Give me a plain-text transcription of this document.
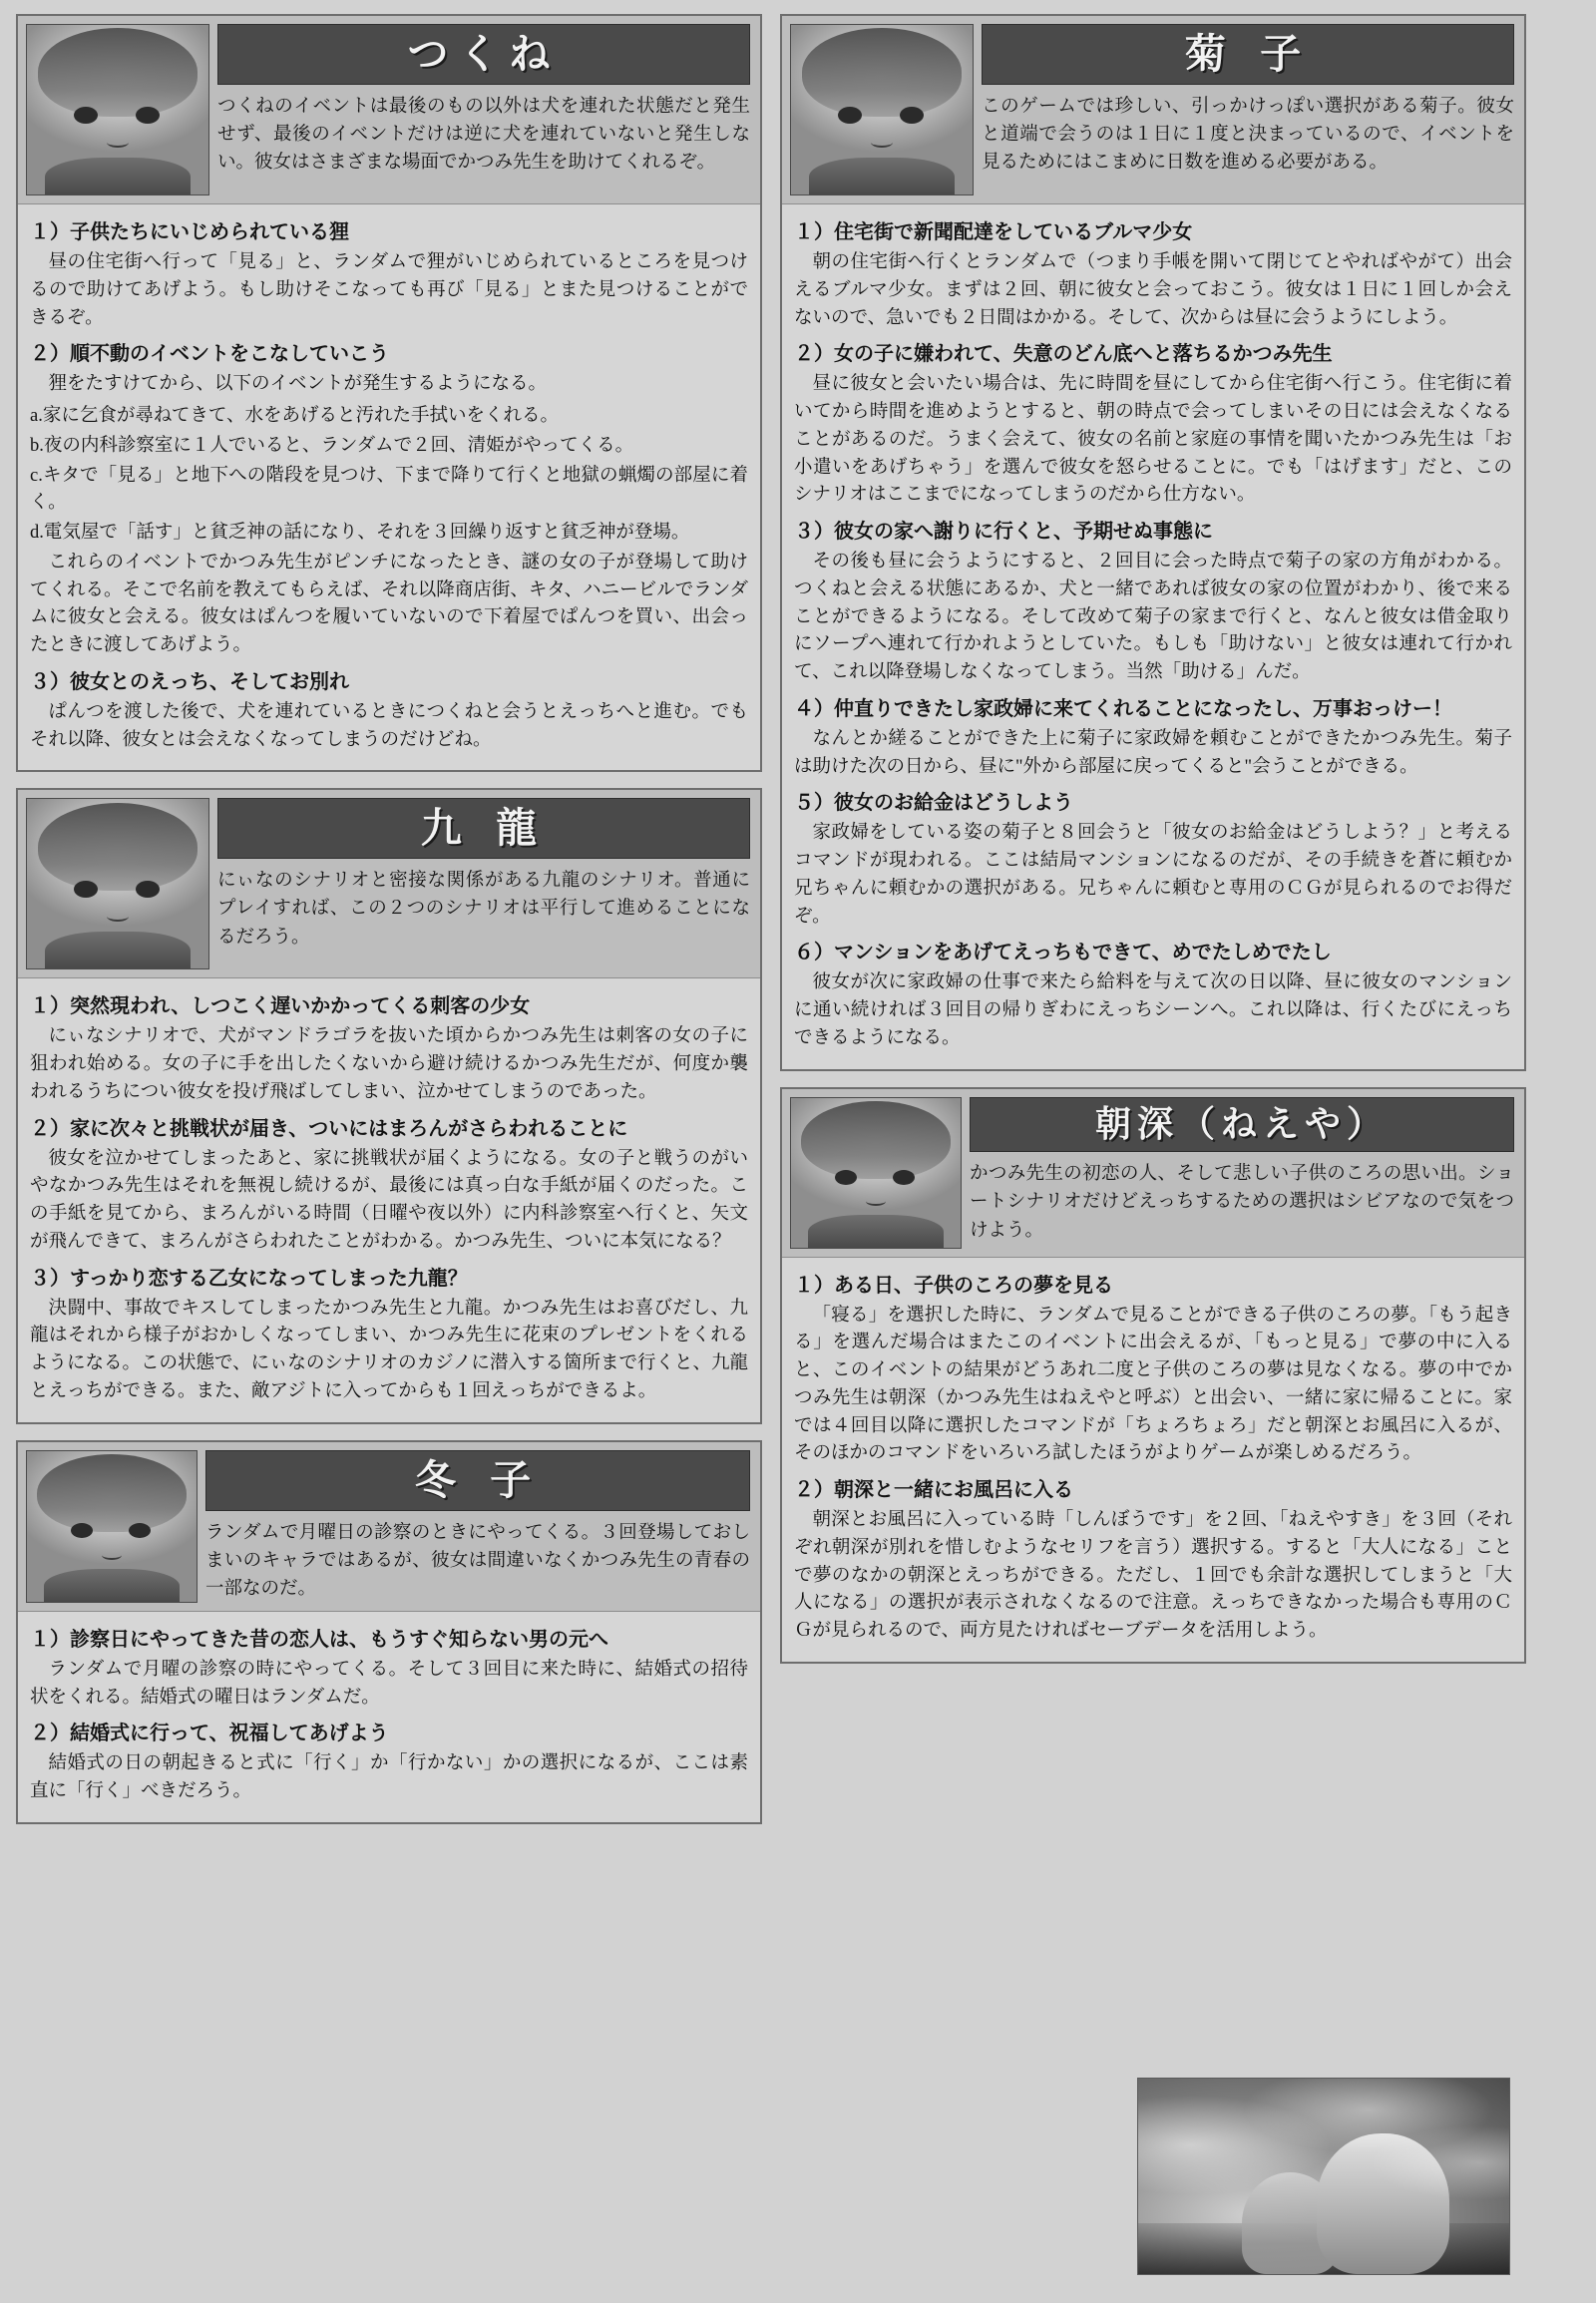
つくね
つくねのイベントは最後のもの以外は犬を連れた状態だと発生せず、最後のイベントだけは逆に犬を連れていないと発生しない。彼女はさまざまな場面でかつみ先生を助けてくれるぞ。
１）子供たちにいじめられている狸

昼の住宅街へ行って「見る」と、ランダムで狸がいじめられているところを見つけるので助けてあげよう。もし助けそこなっても再び「見る」とまた見つけることができるぞ。

２）順不動のイベントをこなしていこう

狸をたすけてから、以下のイベントが発生するようになる。

a.家に乞食が尋ねてきて、水をあげると汚れた手拭いをくれる。

b.夜の内科診察室に１人でいると、ランダムで２回、清姫がやってくる。

c.キタで「見る」と地下への階段を見つけ、下まで降りて行くと地獄の蝋燭の部屋に着く。

d.電気屋で「話す」と貧乏神の話になり、それを３回繰り返すと貧乏神が登場。

これらのイベントでかつみ先生がピンチになったとき、謎の女の子が登場して助けてくれる。そこで名前を教えてもらえば、それ以降商店街、キタ、ハニービルでランダムに彼女と会える。彼女はぱんつを履いていないので下着屋でぱんつを買い、出会ったときに渡してあげよう。

３）彼女とのえっち、そしてお別れ

ぱんつを渡した後で、犬を連れているときにつくねと会うとえっちへと進む。でもそれ以降、彼女とは会えなくなってしまうのだけどね。

九 龍
にぃなのシナリオと密接な関係がある九龍のシナリオ。普通にプレイすれば、この２つのシナリオは平行して進めることになるだろう。
１）突然現われ、しつこく遅いかかってくる刺客の少女

にぃなシナリオで、犬がマンドラゴラを抜いた頃からかつみ先生は刺客の女の子に狙われ始める。女の子に手を出したくないから避け続けるかつみ先生だが、何度か襲われるうちについ彼女を投げ飛ばしてしまい、泣かせてしまうのであった。

２）家に次々と挑戦状が届き、ついにはまろんがさらわれることに

彼女を泣かせてしまったあと、家に挑戦状が届くようになる。女の子と戦うのがいやなかつみ先生はそれを無視し続けるが、最後には真っ白な手紙が届くのだった。この手紙を見てから、まろんがいる時間（日曜や夜以外）に内科診察室へ行くと、矢文が飛んできて、まろんがさらわれたことがわかる。かつみ先生、ついに本気になる？

３）すっかり恋する乙女になってしまった九龍？

決闘中、事故でキスしてしまったかつみ先生と九龍。かつみ先生はお喜びだし、九龍はそれから様子がおかしくなってしまい、かつみ先生に花束のプレゼントをくれるようになる。この状態で、にぃなのシナリオのカジノに潜入する箇所まで行くと、九龍とえっちができる。また、敵アジトに入ってからも１回えっちができるよ。

冬 子
ランダムで月曜日の診察のときにやってくる。３回登場しておしまいのキャラではあるが、彼女は間違いなくかつみ先生の青春の一部なのだ。
１）診察日にやってきた昔の恋人は、もうすぐ知らない男の元へ

ランダムで月曜の診察の時にやってくる。そして３回目に来た時に、結婚式の招待状をくれる。結婚式の曜日はランダムだ。

２）結婚式に行って、祝福してあげよう

結婚式の日の朝起きると式に「行く」か「行かない」かの選択になるが、ここは素直に「行く」べきだろう。

菊 子
このゲームでは珍しい、引っかけっぽい選択がある菊子。彼女と道端で会うのは１日に１度と決まっているので、イベントを見るためにはこまめに日数を進める必要がある。
１）住宅街で新聞配達をしているブルマ少女

朝の住宅街へ行くとランダムで（つまり手帳を開いて閉じてとやればやがて）出会えるブルマ少女。まずは２回、朝に彼女と会っておこう。彼女は１日に１回しか会えないので、急いでも２日間はかかる。そして、次からは昼に会うようにしよう。

２）女の子に嫌われて、失意のどん底へと落ちるかつみ先生

昼に彼女と会いたい場合は、先に時間を昼にしてから住宅街へ行こう。住宅街に着いてから時間を進めようとすると、朝の時点で会ってしまいその日には会えなくなることがあるのだ。うまく会えて、彼女の名前と家庭の事情を聞いたかつみ先生は「お小遣いをあげちゃう」を選んで彼女を怒らせることに。でも「はげます」だと、このシナリオはここまでになってしまうのだから仕方ない。

３）彼女の家へ謝りに行くと、予期せぬ事態に

その後も昼に会うようにすると、２回目に会った時点で菊子の家の方角がわかる。つくねと会える状態にあるか、犬と一緒であれば彼女の家の位置がわかり、後で来ることができるようになる。そして改めて菊子の家まで行くと、なんと彼女は借金取りにソープへ連れて行かれようとしていた。もしも「助けない」と彼女は連れて行かれて、これ以降登場しなくなってしまう。当然「助ける」んだ。

４）仲直りできたし家政婦に来てくれることになったし、万事おっけー！

なんとか縒ることができた上に菊子に家政婦を頼むことができたかつみ先生。菊子は助けた次の日から、昼に"外から部屋に戻ってくると"会うことができる。

５）彼女のお給金はどうしよう

家政婦をしている姿の菊子と８回会うと「彼女のお給金はどうしよう？」と考えるコマンドが現われる。ここは結局マンションになるのだが、その手続きを蒼に頼むか兄ちゃんに頼むかの選択がある。兄ちゃんに頼むと専用のＣＧが見られるのでお得だぞ。

６）マンションをあげてえっちもできて、めでたしめでたし

彼女が次に家政婦の仕事で来たら給料を与えて次の日以降、昼に彼女のマンションに通い続ければ３回目の帰りぎわにえっちシーンへ。これ以降は、行くたびにえっちできるようになる。

朝深（ねえや）
かつみ先生の初恋の人、そして悲しい子供のころの思い出。ショートシナリオだけどえっちするための選択はシビアなので気をつけよう。
１）ある日、子供のころの夢を見る

「寝る」を選択した時に、ランダムで見ることができる子供のころの夢。「もう起きる」を選んだ場合はまたこのイベントに出会えるが、「もっと見る」で夢の中に入ると、このイベントの結果がどうあれ二度と子供のころの夢は見なくなる。夢の中でかつみ先生は朝深（かつみ先生はねえやと呼ぶ）と出会い、一緒に家に帰ることに。家では４回目以降に選択したコマンドが「ちょろちょろ」だと朝深とお風呂に入るが、そのほかのコマンドをいろいろ試したほうがよりゲームが楽しめるだろう。

２）朝深と一緒にお風呂に入る

朝深とお風呂に入っている時「しんぼうです」を２回、「ねえやすき」を３回（それぞれ朝深が別れを惜しむようなセリフを言う）選択する。すると「大人になる」ことで夢のなかの朝深とえっちができる。ただし、１回でも余計な選択してしまうと「大人になる」の選択が表示されなくなるので注意。えっちできなかった場合も専用のＣＧが見られるので、両方見たければセーブデータを活用しよう。
